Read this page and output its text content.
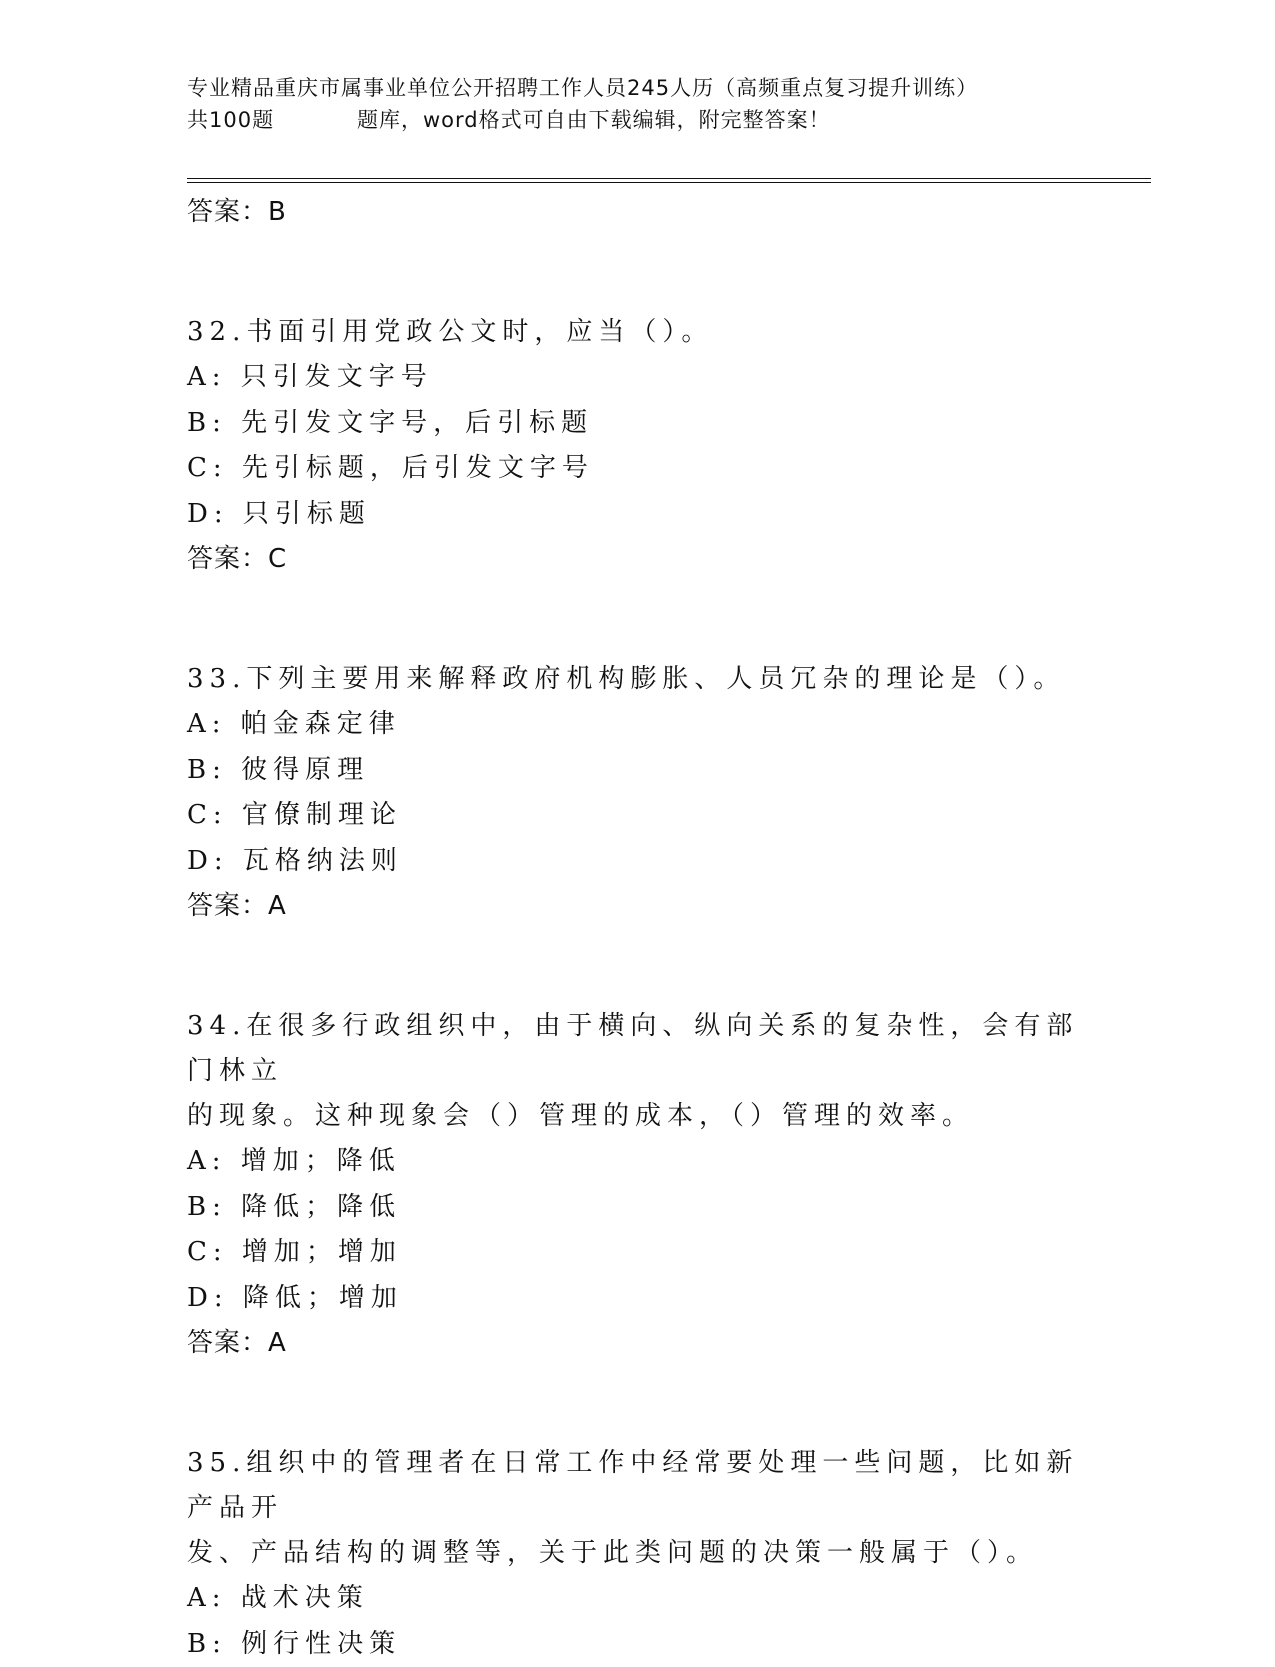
专业精品重庆市属事业单位公开招聘工作人员245人历（高频重点复习提升训练）
共100题	题库，word格式可自由下载编辑，附完整答案！
答案：B
32.书面引用党政公文时，应当（）。
A: 只引发文字号
B: 先引发文字号，后引标题
C: 先引标题，后引发文字号
D: 只引标题
答案：C
33.下列主要用来解释政府机构膨胀、人员冗杂的理论是（）。
A: 帕金森定律
B: 彼得原理
C: 官僚制理论
D: 瓦格纳法则
答案：A
34.在很多行政组织中，由于横向、纵向关系的复杂性，会有部门林立
的现象。这种现象会（）管理的成本，（）管理的效率。
A: 增加；降低
B: 降低；降低
C: 增加；增加
D: 降低；增加
答案：A
35.组织中的管理者在日常工作中经常要处理一些问题，比如新产品开
发、产品结构的调整等，关于此类问题的决策一般属于（）。
A: 战术决策
B: 例行性决策
